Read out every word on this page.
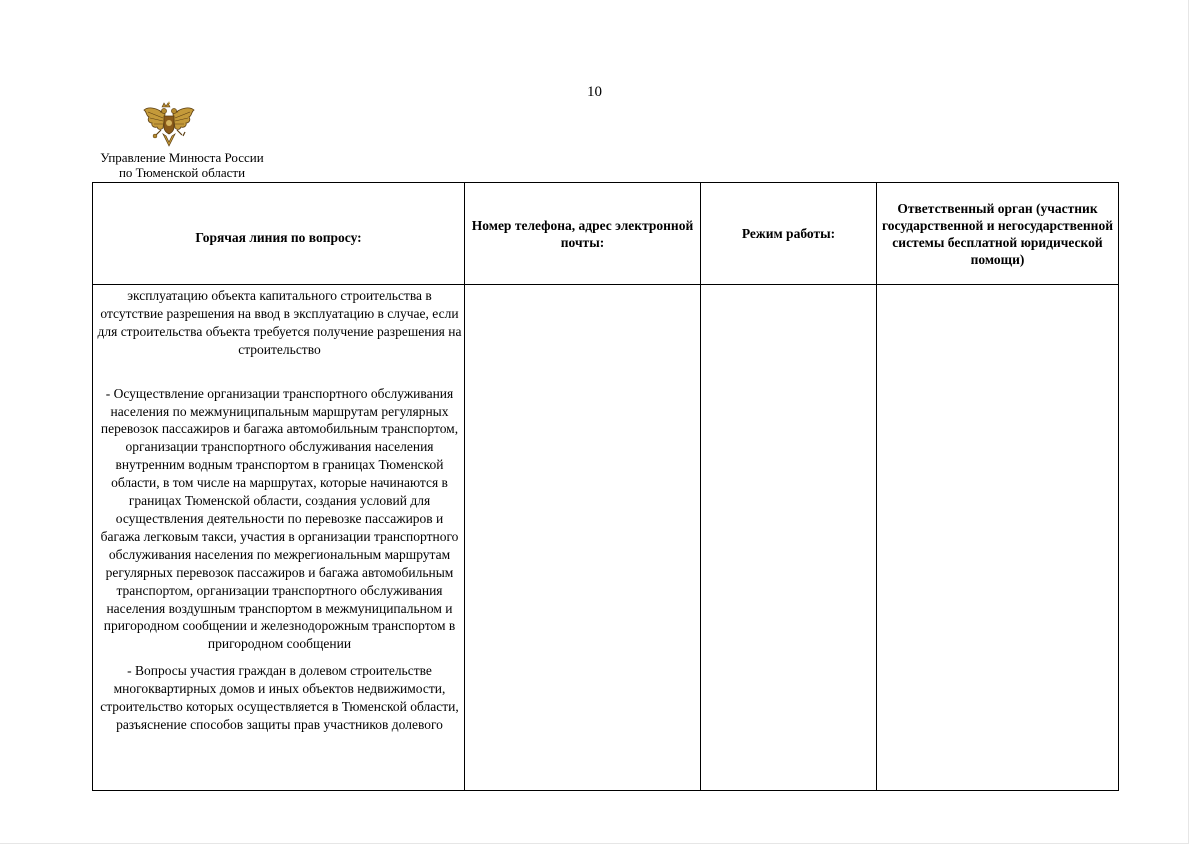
10
Управление Минюста России
по Тюменской области
Горячая линия по вопросу:	Номер телефона, адрес электронной почты:	Режим работы:	Ответственный орган (участник государственной и негосударственной системы бесплатной юридической помощи)

эксплуатацию объекта капитального строительства в отсутствие разрешения на ввод в эксплуатацию в случае, если для строительства объекта требуется получение разрешения на строительство

- Осуществление организации транспортного обслуживания населения по межмуниципальным маршрутам регулярных перевозок пассажиров и багажа автомобильным транспортом, организации транспортного обслуживания населения внутренним водным транспортом в границах Тюменской области, в том числе на маршрутах, которые начинаются в границах Тюменской области, создания условий для осуществления деятельности по перевозке пассажиров и багажа легковым такси, участия в организации транспортного обслуживания населения по межрегиональным маршрутам регулярных перевозок пассажиров и багажа автомобильным транспортом, организации транспортного обслуживания населения воздушным транспортом в межмуниципальном и пригородном сообщении и железнодорожным транспортом в пригородном сообщении

- Вопросы участия граждан в долевом строительстве многоквартирных домов и иных объектов недвижимости, строительство которых осуществляется в Тюменской области, разъяснение способов защиты прав участников долевого			
